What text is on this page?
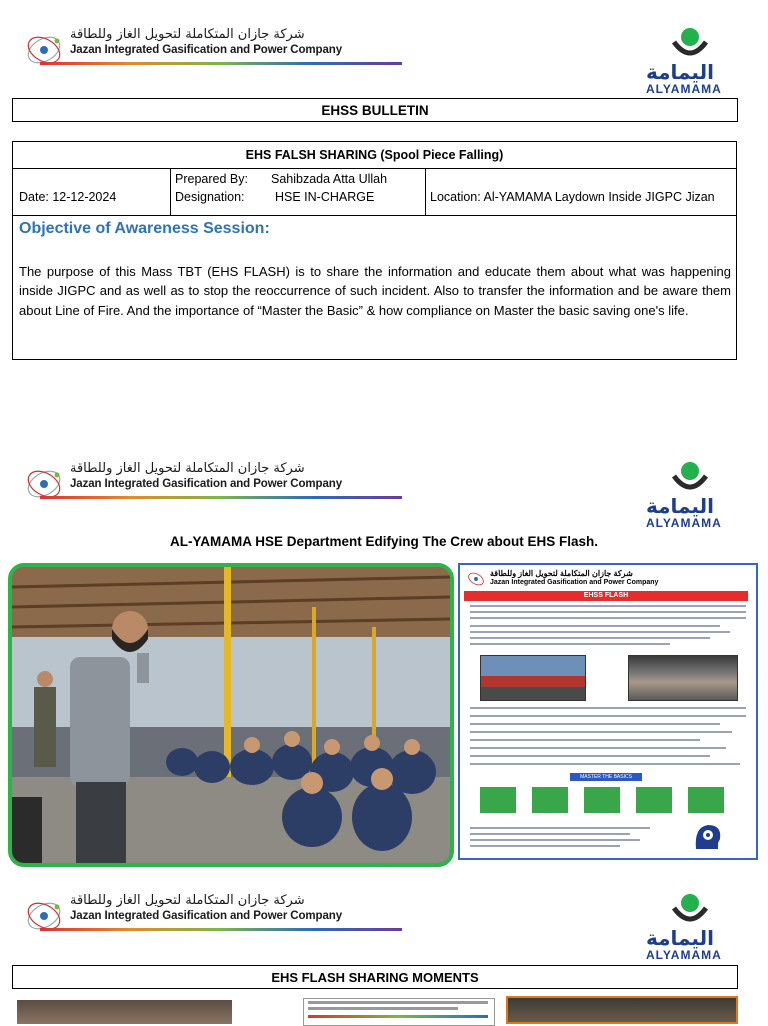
شركة جازان المتكاملة لتحويل الغاز وللطاقة
Jazan Integrated Gasification and Power Company
اليمامة
ALYAMAMA
EHSS BULLETIN
EHS FALSH SHARING (Spool Piece Falling)
Date: 12-12-2024
Prepared By: Sahibzada Atta Ullah
Designation: HSE IN-CHARGE	Location: Al-YAMAMA Laydown Inside JIGPC Jizan
Objective of Awareness Session:
The purpose of this Mass TBT (EHS FLASH) is to share the information and educate them about what was happening inside JIGPC and as well as to stop the reoccurrence of such incident. Also to transfer the information and be aware them about Line of Fire. And the importance of “Master the Basic” & how compliance on Master the basic saving one's life.
شركة جازان المتكاملة لتحويل الغاز وللطاقة
Jazan Integrated Gasification and Power Company
اليمامة
ALYAMAMA
AL-YAMAMA HSE Department Edifying The Crew about EHS Flash.
شركة جازان المتكاملة لتحويل الغاز وللطاقة
Jazan Integrated Gasification and Power Company
EHSS FLASH
MASTER THE BASICS
شركة جازان المتكاملة لتحويل الغاز وللطاقة
Jazan Integrated Gasification and Power Company
اليمامة
ALYAMAMA
EHS FLASH SHARING MOMENTS
